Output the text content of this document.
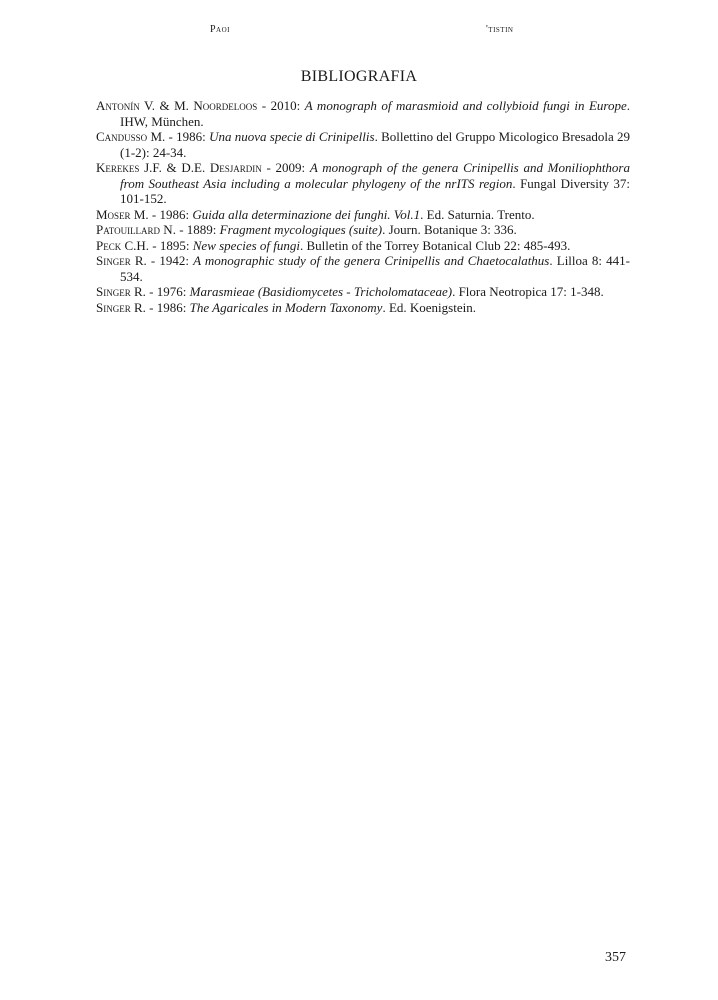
Paoi	'tistin
BIBLIOGRAFIA

Antonín V. & M. Noordeloos - 2010: A monograph of marasmioid and collybioid fungi in Europe. IHW, München.

Candusso M. - 1986: Una nuova specie di Crinipellis. Bollettino del Gruppo Micologico Bresadola 29 (1-2): 24-34.

Kerekes J.F. & D.E. Desjardin - 2009: A monograph of the genera Crinipellis and Moniliophthora from Southeast Asia including a molecular phylogeny of the nrITS region. Fungal Diversity 37: 101-152.

Moser M. - 1986: Guida alla determinazione dei funghi. Vol.1. Ed. Saturnia. Trento.

Patouillard N. - 1889: Fragment mycologiques (suite). Journ. Botanique 3: 336.

Peck C.H. - 1895: New species of fungi. Bulletin of the Torrey Botanical Club 22: 485-493.

Singer R. - 1942: A monographic study of the genera Crinipellis and Chaetocalathus. Lilloa 8: 441-534.

Singer R. - 1976: Marasmieae (Basidiomycetes - Tricholomataceae). Flora Neotropica 17: 1-348.

Singer R. - 1986: The Agaricales in Modern Taxonomy. Ed. Koenigstein.

357
